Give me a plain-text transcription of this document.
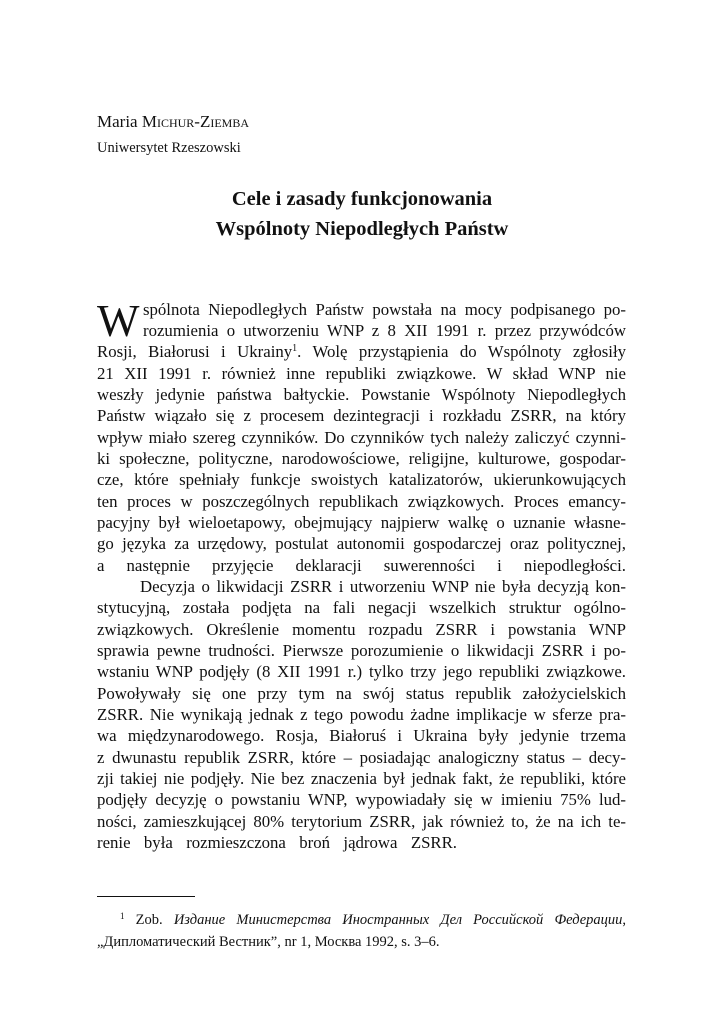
Maria Michur-Ziemba
Uniwersytet Rzeszowski
Cele i zasady funkcjonowania
Wspólnoty Niepodległych Państw
W spólnota Niepodległych Państw powstała na mocy podpisanego po-
rozumienia o utworzeniu WNP z 8 XII 1991 r. przez przywódców
Rosji, Białorusi i Ukrainy$^1$. Wolę przystąpienia do Wspólnoty zgłosiły
21 XII 1991 r. również inne republiki związkowe. W skład WNP nie
weszły jedynie państwa bałtyckie. Powstanie Wspólnoty Niepodległych
Państw wiązało się z procesem dezintegracji i rozkładu ZSRR, na który
wpływ miało szereg czynników. Do czynników tych należy zaliczyć czynni-
ki społeczne, polityczne, narodowościowe, religijne, kulturowe, gospodar-
cze, które spełniały funkcje swoistych katalizatorów, ukierunkowujących
ten proces w poszczególnych republikach związkowych. Proces emancy-
pacyjny był wieloetapowy, obejmujący najpierw walkę o uznanie własne-
go języka za urzędowy, postulat autonomii gospodarczej oraz politycznej,
a następnie przyjęcie deklaracji suwerenności i niepodległości.
Decyzja o likwidacji ZSRR i utworzeniu WNP nie była decyzją kon-
stytucyjną, została podjęta na fali negacji wszelkich struktur ogólno-
związkowych. Określenie momentu rozpadu ZSRR i powstania WNP
sprawia pewne trudności. Pierwsze porozumienie o likwidacji ZSRR i po-
wstaniu WNP podjęły (8 XII 1991 r.) tylko trzy jego republiki związkowe.
Powoływały się one przy tym na swój status republik założycielskich
ZSRR. Nie wynikają jednak z tego powodu żadne implikacje w sferze pra-
wa międzynarodowego. Rosja, Białoruś i Ukraina były jedynie trzema
z dwunastu republik ZSRR, które – posiadając analogiczny status – decy-
zji takiej nie podjęły. Nie bez znaczenia był jednak fakt, że republiki, które
podjęły decyzję o powstaniu WNP, wypowiadały się w imieniu 75% lud-
ności, zamieszkującej 80% terytorium ZSRR, jak również to, że na ich te-
renie była rozmieszczona broń jądrowa ZSRR.
$^1$ Zob. Издание Министерства Иностранных Дел Российской Федерации,
„Дипломатический Вестник”, nr 1, Москва 1992, s. 3–6.
